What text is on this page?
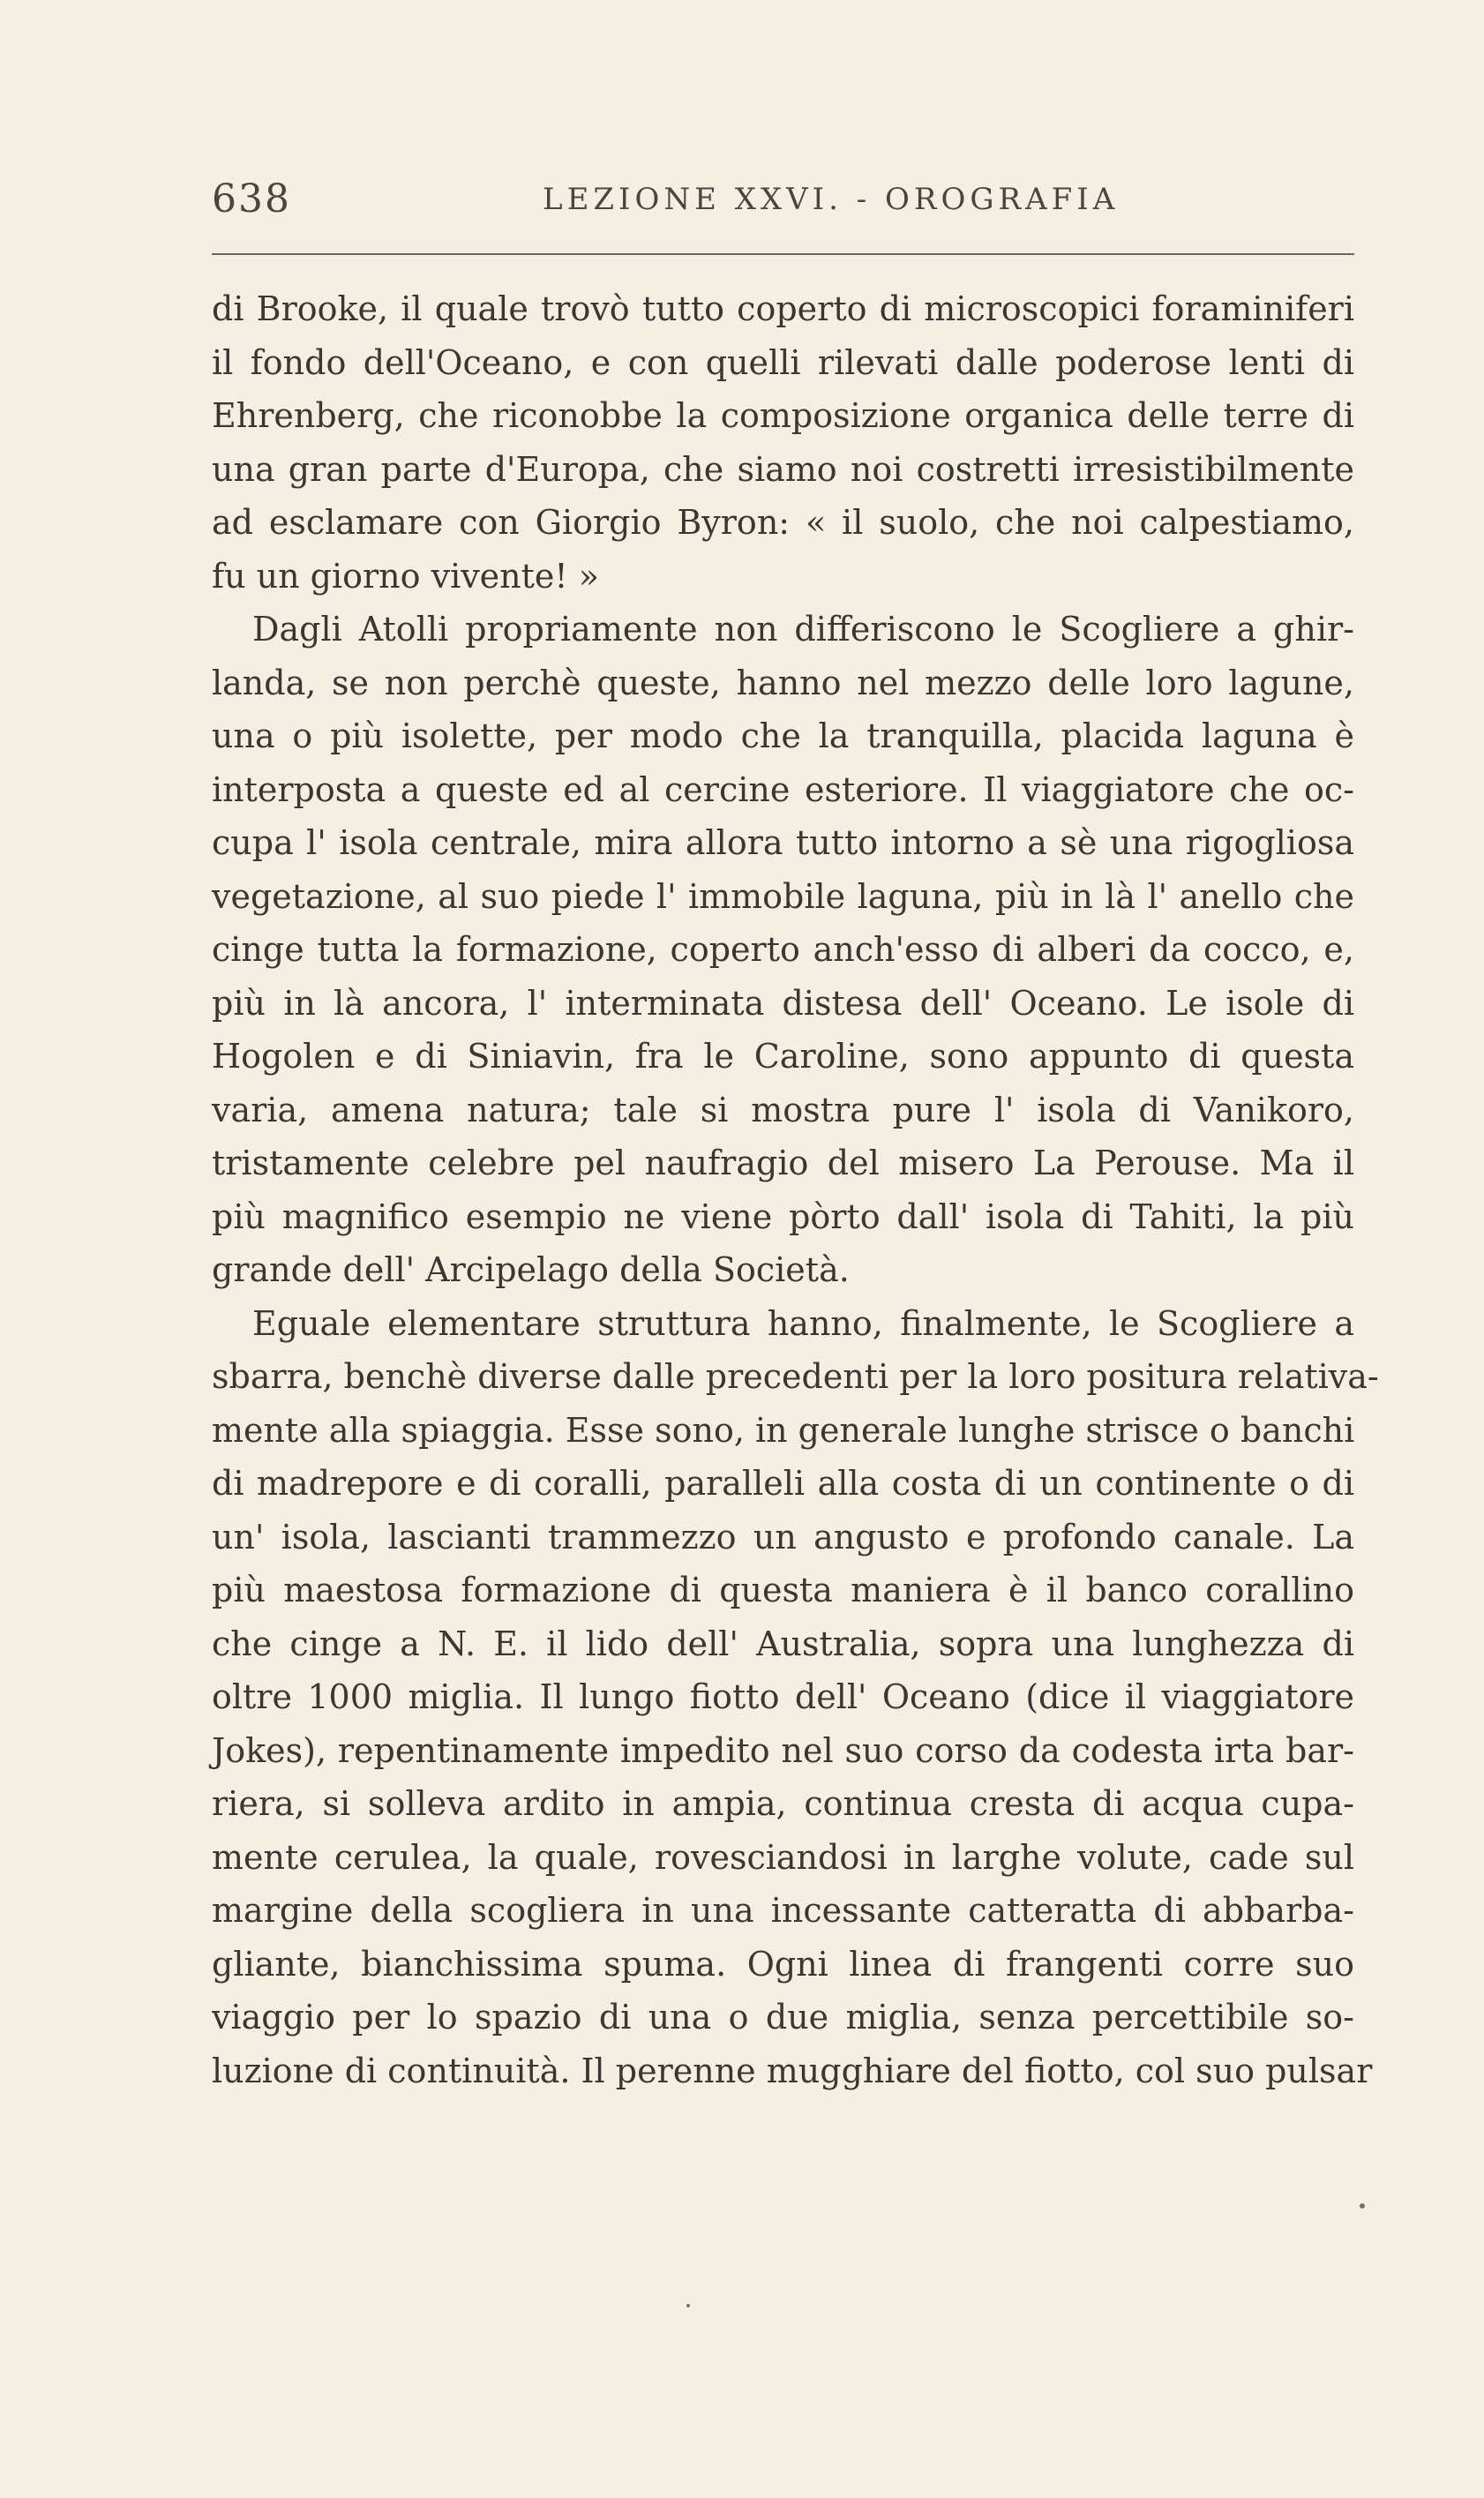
638	LEZIONE XXVI. - OROGRAFIA
di Brooke, il quale trovò tutto coperto di microscopici foraminiferi
il fondo dell'Oceano, e con quelli rilevati dalle poderose lenti di
Ehrenberg, che riconobbe la composizione organica delle terre di
una gran parte d'Europa, che siamo noi costretti irresistibilmente
ad esclamare con Giorgio Byron: « il suolo, che noi calpestiamo,
fu un giorno vivente! »
Dagli Atolli propriamente non differiscono le Scogliere a ghir-
landa, se non perchè queste, hanno nel mezzo delle loro lagune,
una o più isolette, per modo che la tranquilla, placida laguna è
interposta a queste ed al cercine esteriore. Il viaggiatore che oc-
cupa l' isola centrale, mira allora tutto intorno a sè una rigogliosa
vegetazione, al suo piede l' immobile laguna, più in là l' anello che
cinge tutta la formazione, coperto anch'esso di alberi da cocco, e,
più in là ancora, l' interminata distesa dell' Oceano. Le isole di
Hogolen e di Siniavin, fra le Caroline, sono appunto di questa
varia, amena natura; tale si mostra pure l' isola di Vanikoro,
tristamente celebre pel naufragio del misero La Perouse. Ma il
più magnifico esempio ne viene pòrto dall' isola di Tahiti, la più
grande dell' Arcipelago della Società.
Eguale elementare struttura hanno, finalmente, le Scogliere a
sbarra, benchè diverse dalle precedenti per la loro positura relativa-
mente alla spiaggia. Esse sono, in generale lunghe strisce o banchi
di madrepore e di coralli, paralleli alla costa di un continente o di
un' isola, lascianti trammezzo un angusto e profondo canale. La
più maestosa formazione di questa maniera è il banco corallino
che cinge a N. E. il lido dell' Australia, sopra una lunghezza di
oltre 1000 miglia. Il lungo fiotto dell' Oceano (dice il viaggiatore
Jokes), repentinamente impedito nel suo corso da codesta irta bar-
riera, si solleva ardito in ampia, continua cresta di acqua cupa-
mente cerulea, la quale, rovesciandosi in larghe volute, cade sul
margine della scogliera in una incessante catteratta di abbarba-
gliante, bianchissima spuma. Ogni linea di frangenti corre suo
viaggio per lo spazio di una o due miglia, senza percettibile so-
luzione di continuità. Il perenne mugghiare del fiotto, col suo pulsar
